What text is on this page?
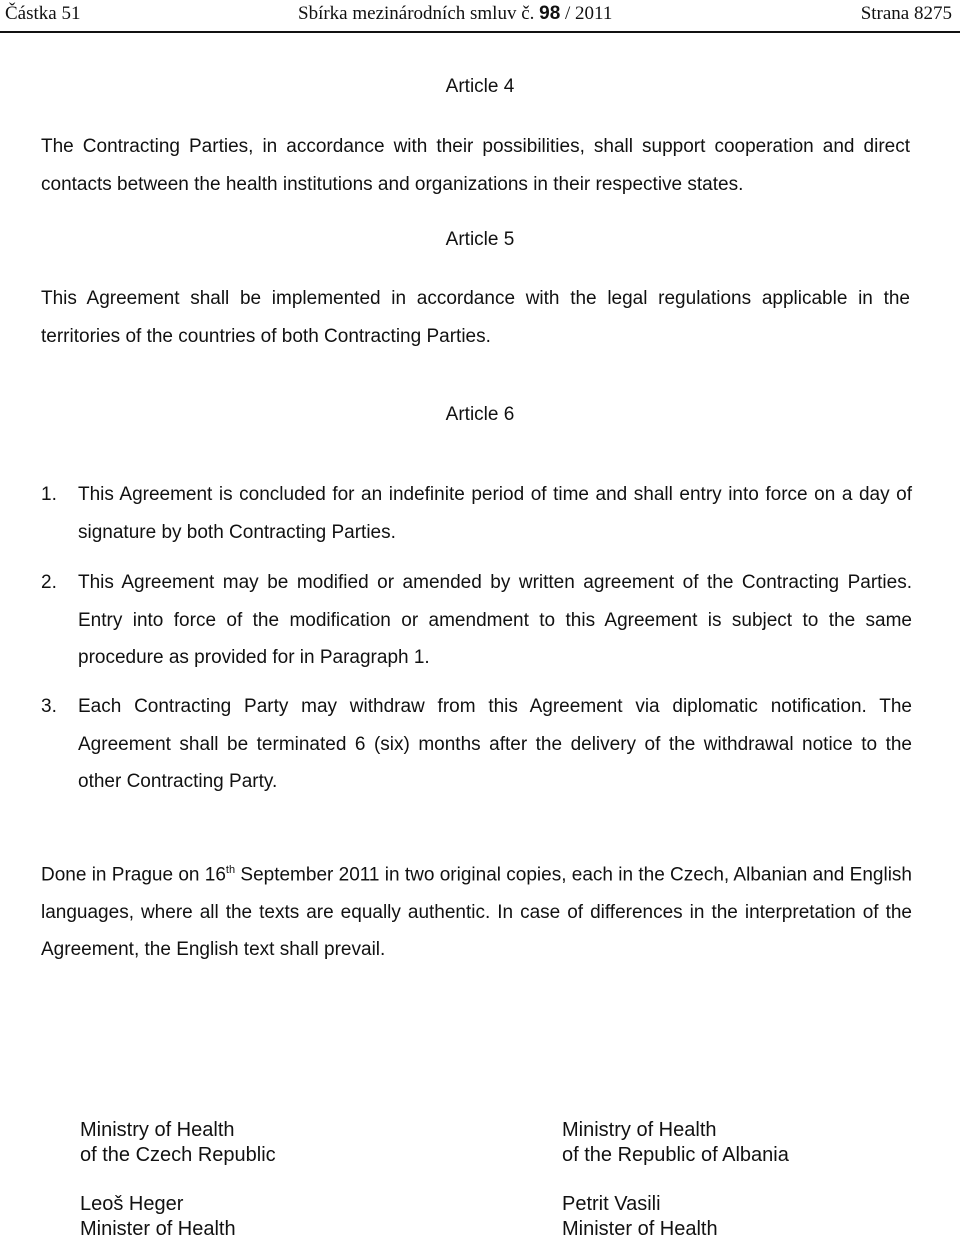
Částka 51	Sbírka mezinárodních smluv č. 98 / 2011	Strana 8275
Article 4

The Contracting Parties, in accordance with their possibilities, shall support cooperation and direct contacts between the health institutions and organizations in their respective states.

Article 5

This Agreement shall be implemented in accordance with the legal regulations applicable in the territories of the countries of both Contracting Parties.

Article 6
1. This Agreement is concluded for an indefinite period of time and shall entry into force on a day of signature by both Contracting Parties.

2. This Agreement may be modified or amended by written agreement of the Contracting Parties. Entry into force of the modification or amendment to this Agreement is subject to the same procedure as provided for in Paragraph 1.

3. Each Contracting Party may withdraw from this Agreement via diplomatic notification. The Agreement shall be terminated 6 (six) months after the delivery of the withdrawal notice to the other Contracting Party.

Done in Prague on 16th September 2011 in two original copies, each in the Czech, Albanian and English languages, where all the texts are equally authentic. In case of differences in the interpretation of the Agreement, the English text shall prevail.

Ministry of Health
of the Czech Republic
Leoš Heger
Minister of Health
Ministry of Health
of the Republic of Albania
Petrit Vasili
Minister of Health
